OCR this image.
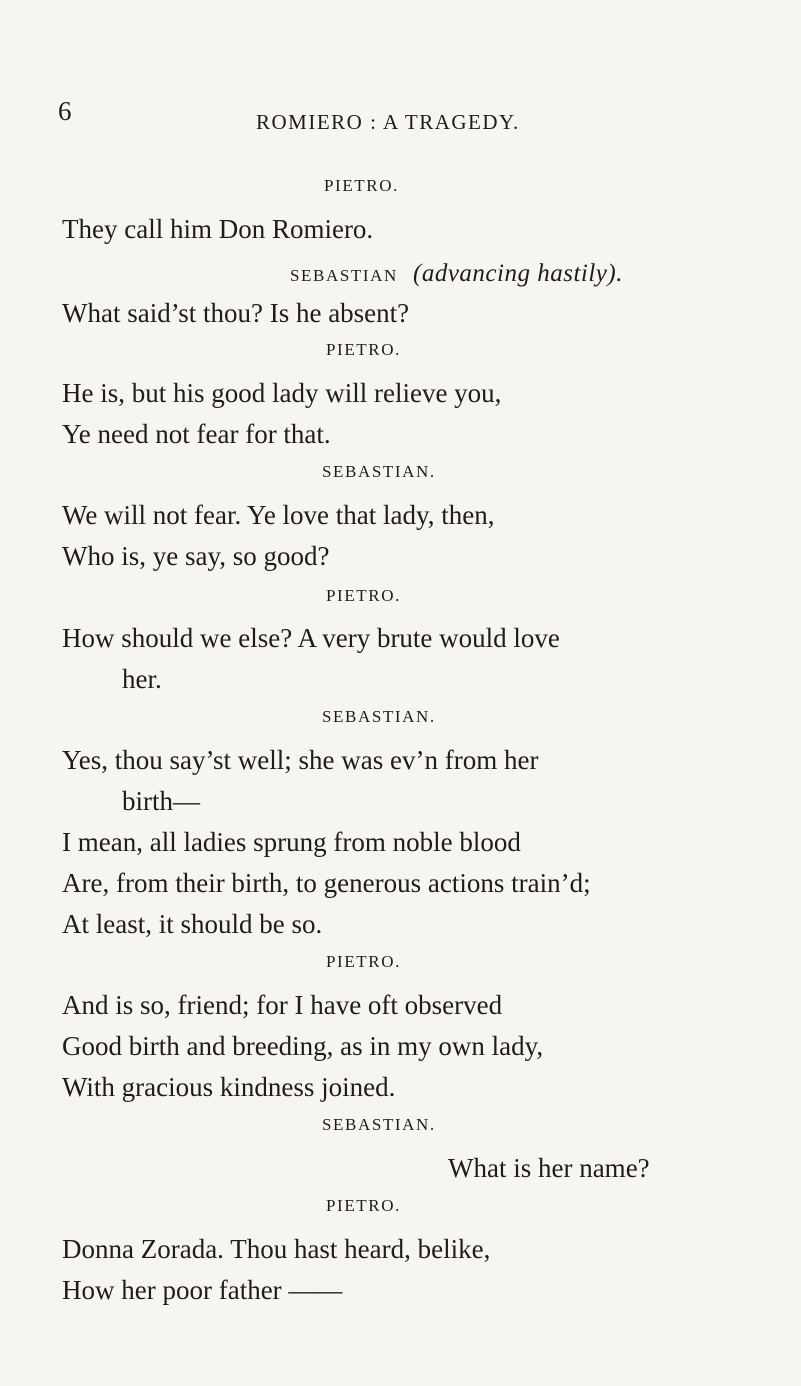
6	ROMIERO : A TRAGEDY.
PIETRO.
They call him Don Romiero.
SEBASTIAN (advancing hastily).
What said’st thou? Is he absent?
PIETRO.
He is, but his good lady will relieve you,
Ye need not fear for that.
SEBASTIAN.
We will not fear. Ye love that lady, then,
Who is, ye say, so good?
PIETRO.
How should we else? A very brute would love
her.
SEBASTIAN.
Yes, thou say’st well; she was ev’n from her
birth—
I mean, all ladies sprung from noble blood
Are, from their birth, to generous actions train’d;
At least, it should be so.
PIETRO.
And is so, friend; for I have oft observed
Good birth and breeding, as in my own lady,
With gracious kindness joined.
SEBASTIAN.
What is her name?
PIETRO.
Donna Zorada. Thou hast heard, belike,
How her poor father ——
